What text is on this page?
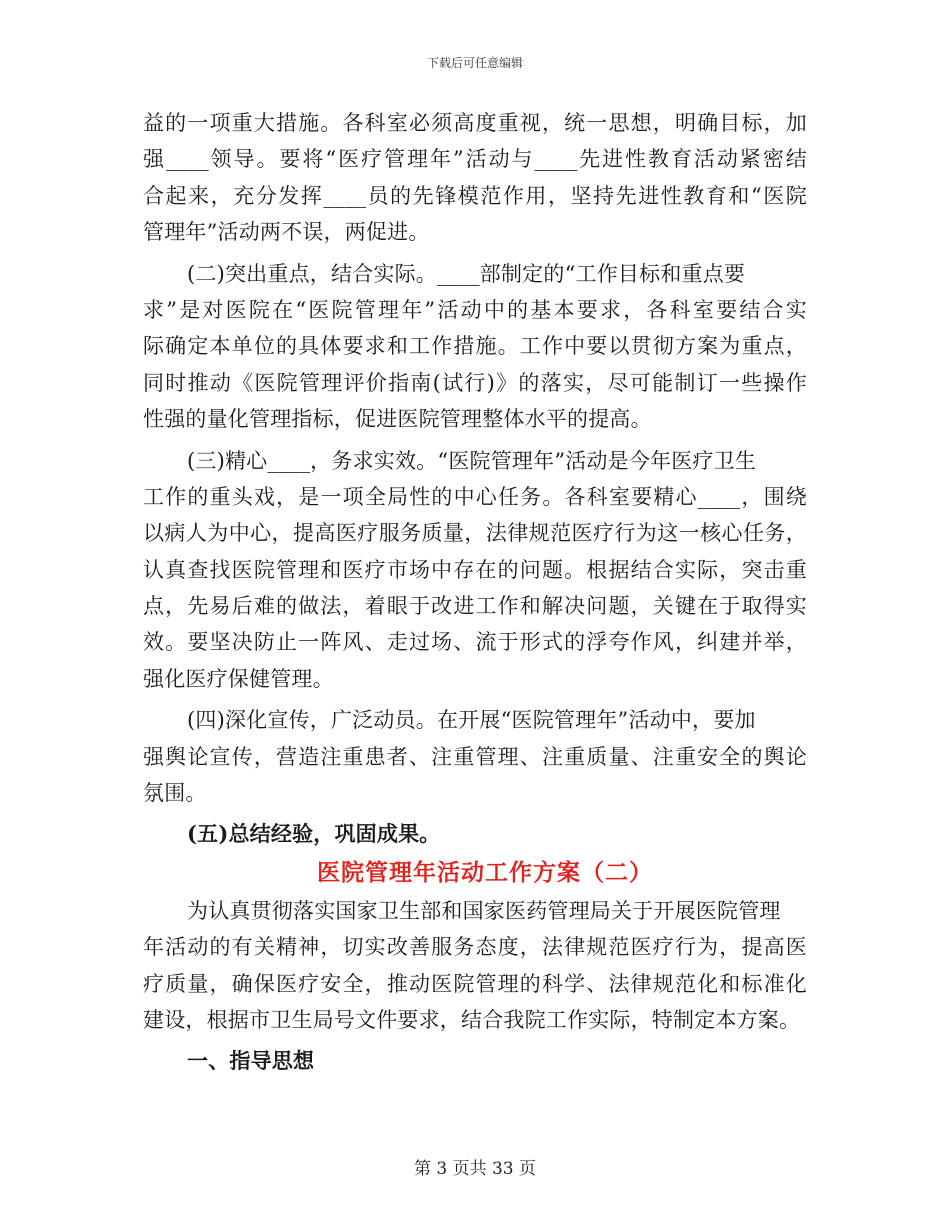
下载后可任意编辑
益的一项重大措施。各科室必须高度重视，统一思想，明确目标，加
强____领导。要将“医疗管理年”活动与____先进性教育活动紧密结
合起来，充分发挥____员的先锋模范作用，坚持先进性教育和“医院
管理年”活动两不误，两促进。
(二)突出重点，结合实际。____部制定的“工作目标和重点要
求”是对医院在“医院管理年”活动中的基本要求，各科室要结合实
际确定本单位的具体要求和工作措施。工作中要以贯彻方案为重点，
同时推动《医院管理评价指南(试行)》的落实，尽可能制订一些操作
性强的量化管理指标，促进医院管理整体水平的提高。
(三)精心____，务求实效。“医院管理年”活动是今年医疗卫生
工作的重头戏，是一项全局性的中心任务。各科室要精心____，围绕
以病人为中心，提高医疗服务质量，法律规范医疗行为这一核心任务，
认真查找医院管理和医疗市场中存在的问题。根据结合实际，突击重
点，先易后难的做法，着眼于改进工作和解决问题，关键在于取得实
效。要坚决防止一阵风、走过场、流于形式的浮夸作风，纠建并举，
强化医疗保健管理。
(四)深化宣传，广泛动员。在开展“医院管理年”活动中，要加
强舆论宣传，营造注重患者、注重管理、注重质量、注重安全的舆论
氛围。
(五)总结经验，巩固成果。
医院管理年活动工作方案（二）
为认真贯彻落实国家卫生部和国家医药管理局关于开展医院管理
年活动的有关精神，切实改善服务态度，法律规范医疗行为，提高医
疗质量，确保医疗安全，推动医院管理的科学、法律规范化和标准化
建设，根据市卫生局号文件要求，结合我院工作实际，特制定本方案。
一、指导思想
第 3 页共 33 页
